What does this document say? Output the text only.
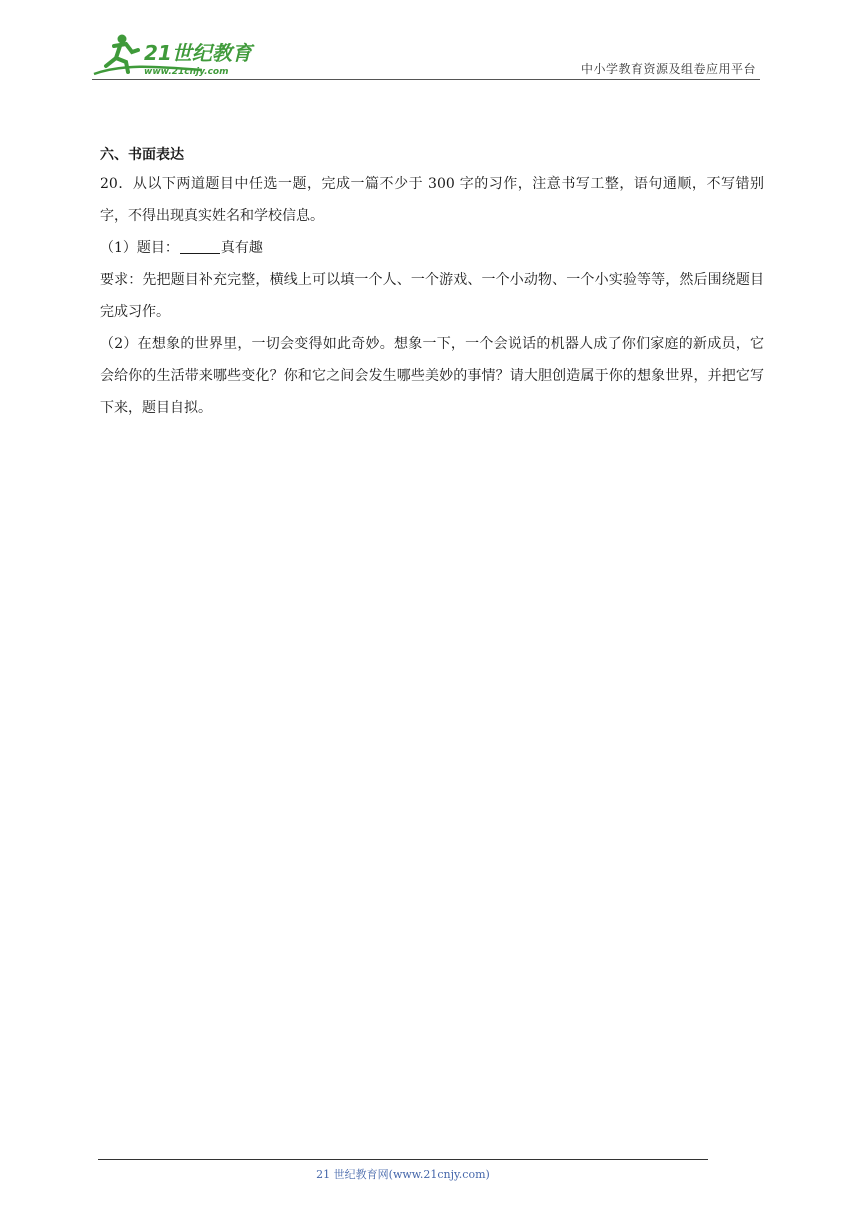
21世纪教育
www.21cnjy.com	中小学教育资源及组卷应用平台

六、书面表达

20．从以下两道题目中任选一题，完成一篇不少于 300 字的习作，注意书写工整，语句通顺，不写错别字，不得出现真实姓名和学校信息。

（1）题目：	真有趣

要求：先把题目补充完整，横线上可以填一个人、一个游戏、一个小动物、一个小实验等等，然后围绕题目完成习作。

（2）在想象的世界里，一切会变得如此奇妙。想象一下，一个会说话的机器人成了你们家庭的新成员，它会给你的生活带来哪些变化？你和它之间会发生哪些美妙的事情？请大胆创造属于你的想象世界，并把它写下来，题目自拟。

21 世纪教育网(www.21cnjy.com)
